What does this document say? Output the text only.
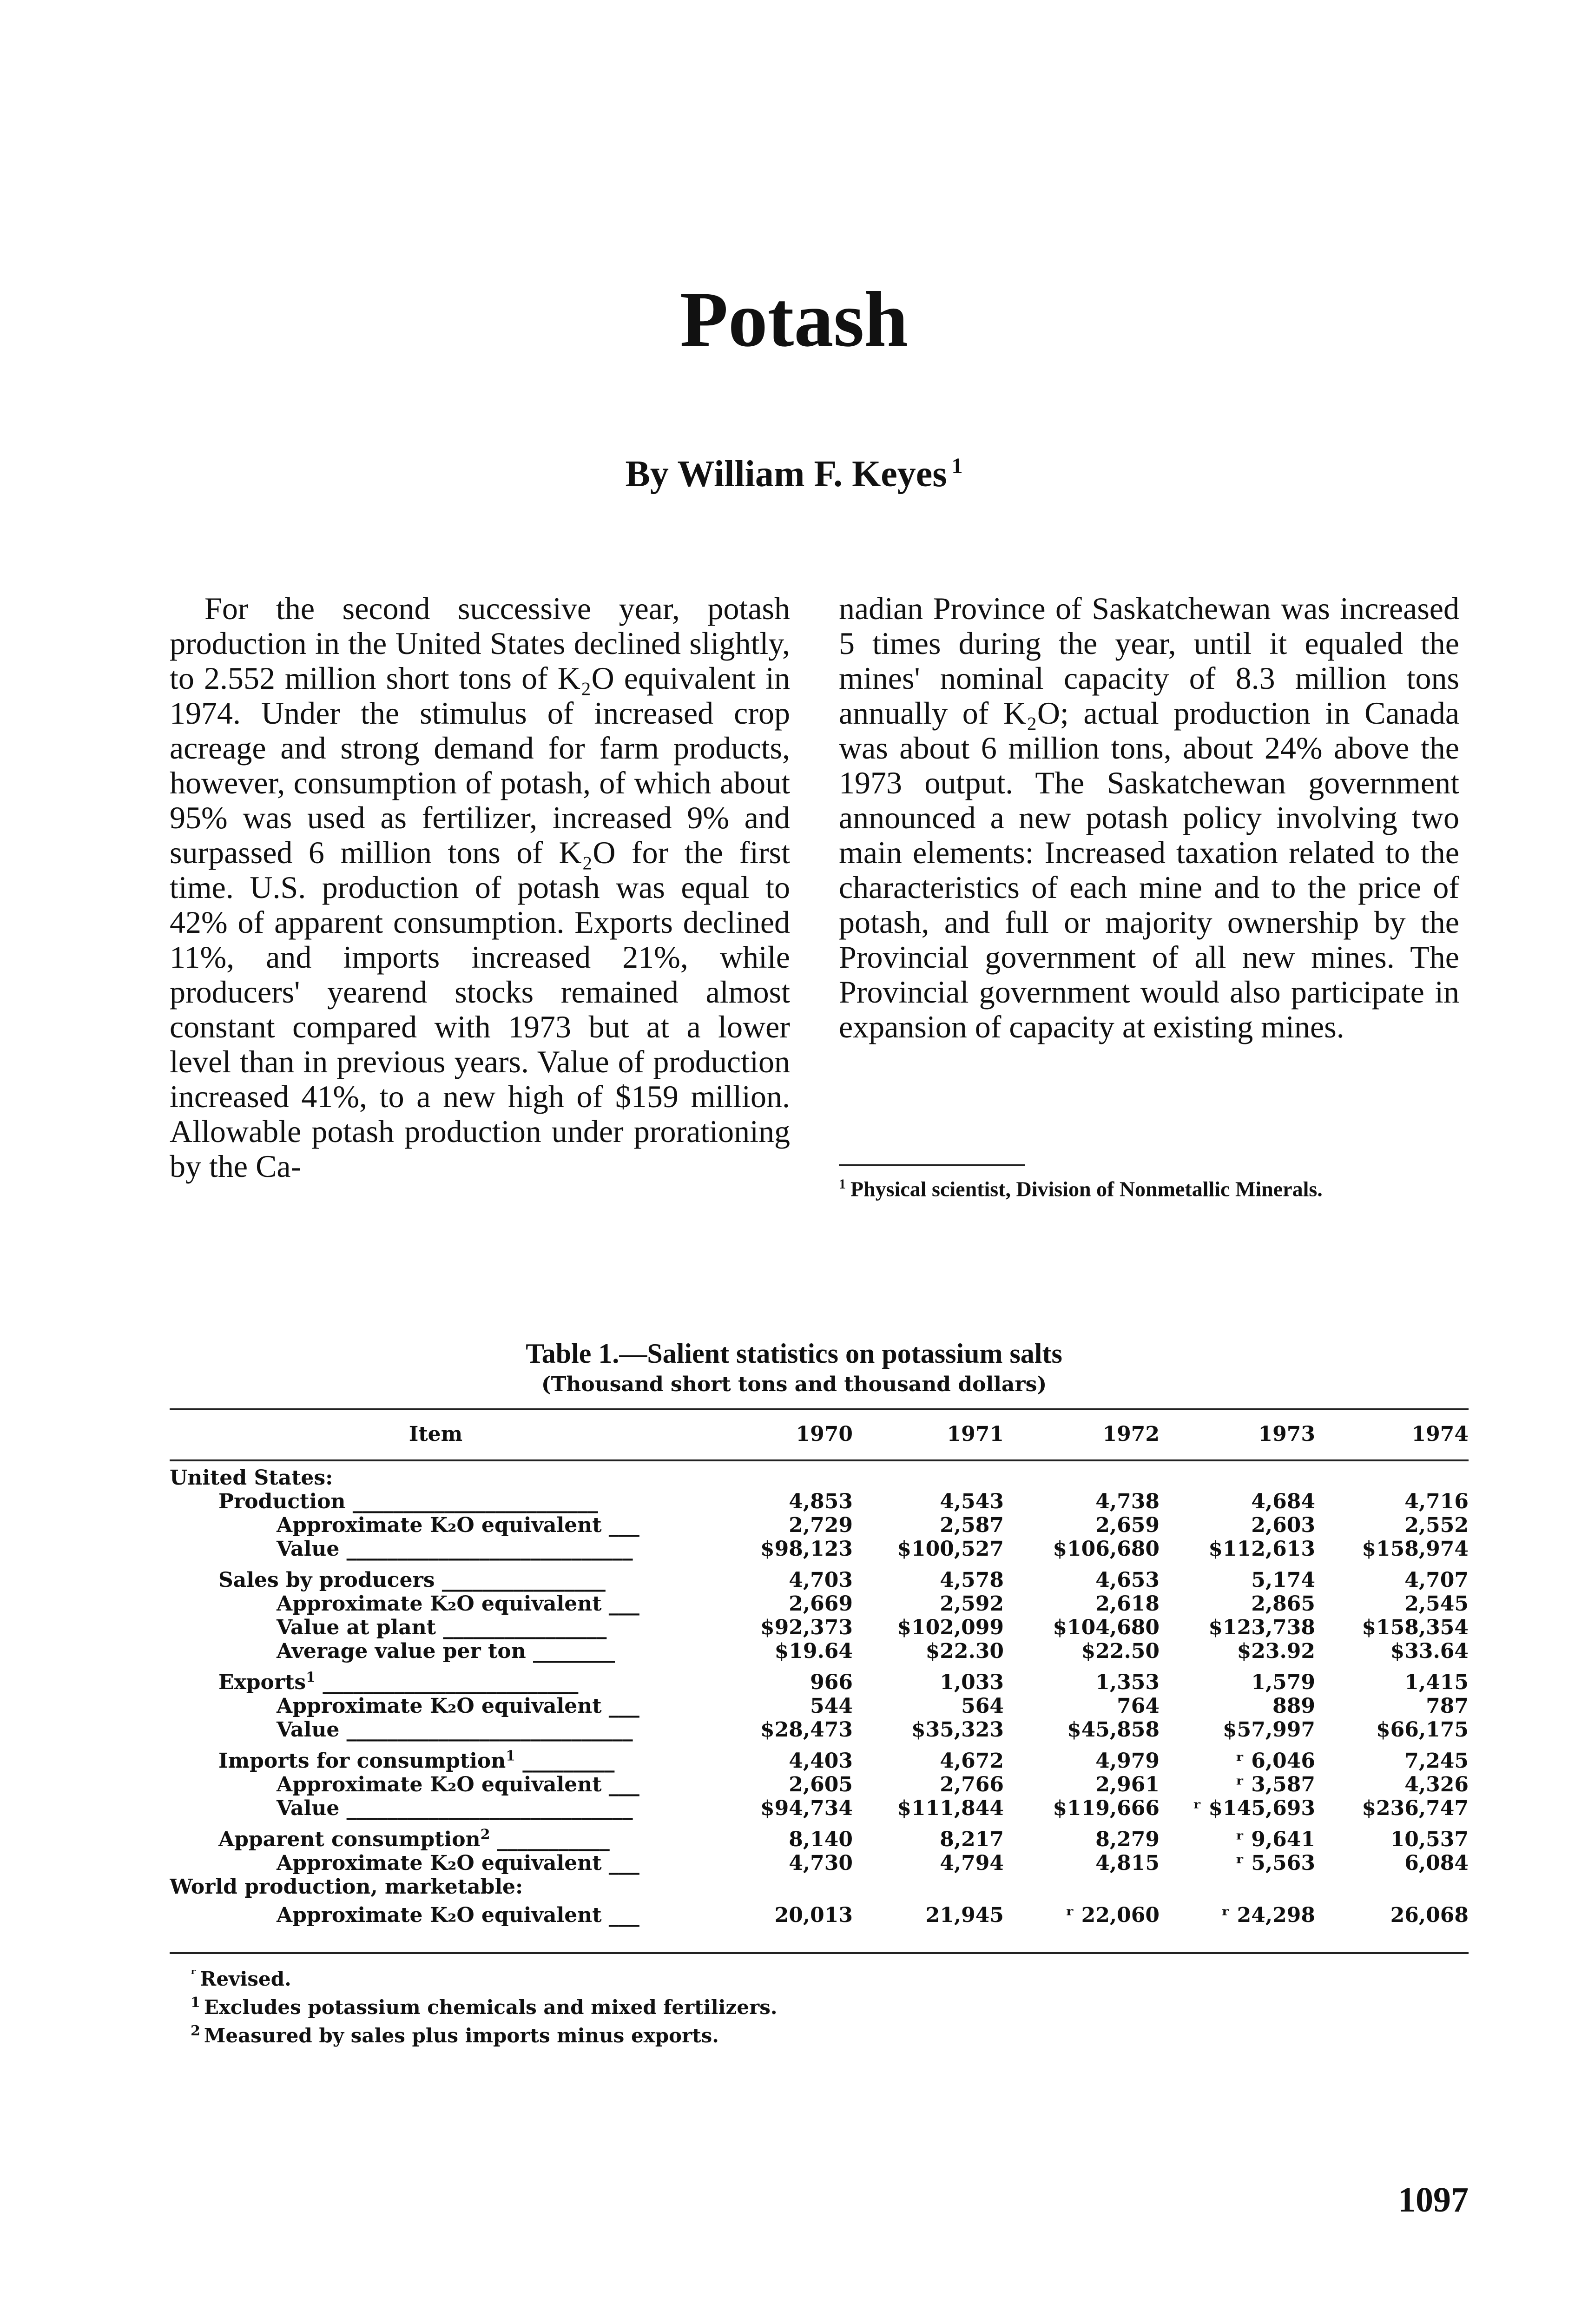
Potash

By William F. Keyes $^1$

For the second successive year, potash production in the United States declined slightly, to 2.552 million short tons of K₂O equivalent in 1974. Under the stimulus of increased crop acreage and strong demand for farm products, however, consumption of potash, of which about 95% was used as fertilizer, increased 9% and surpassed 6 million tons of K₂O for the first time. U.S. production of potash was equal to 42% of apparent consumption. Exports declined 11%, and imports increased 21%, while producers' yearend stocks remained almost constant compared with 1973 but at a lower level than in previous years. Value of production increased 41%, to a new high of $159 million. Allowable potash production under prorationing by the Ca-

nadian Province of Saskatchewan was increased 5 times during the year, until it equaled the mines' nominal capacity of 8.3 million tons annually of K₂O; actual production in Canada was about 6 million tons, about 24% above the 1973 output. The Saskatchewan government announced a new potash policy involving two main elements: Increased taxation related to the characteristics of each mine and to the price of potash, and full or majority ownership by the Provincial government of all new mines. The Provincial government would also participate in expansion of capacity at existing mines.

$^1$ Physical scientist, Division of Nonmetallic Minerals.

Table 1.—Salient statistics on potassium salts

(Thousand short tons and thousand dollars)

Item	1970	1971	1972	1973	1974
United States:					
Production ________________________	4,853	4,543	4,738	4,684	4,716
Approximate K₂O equivalent ___	2,729	2,587	2,659	2,603	2,552
Value ____________________________	$98,123	$100,527	$106,680	$112,613	$158,974
Sales by producers ________________	4,703	4,578	4,653	5,174	4,707
Approximate K₂O equivalent ___	2,669	2,592	2,618	2,865	2,545
Value at plant ________________	$92,373	$102,099	$104,680	$123,738	$158,354
Average value per ton ________	$19.64	$22.30	$22.50	$23.92	$33.64
Exports$^1$ _________________________	966	1,033	1,353	1,579	1,415
Approximate K₂O equivalent ___	544	564	764	889	787
Value ____________________________	$28,473	$35,323	$45,858	$57,997	$66,175
Imports for consumption$^1$ _________	4,403	4,672	4,979	ʳ 6,046	7,245
Approximate K₂O equivalent ___	2,605	2,766	2,961	ʳ 3,587	4,326
Value ____________________________	$94,734	$111,844	$119,666	ʳ $145,693	$236,747
Apparent consumption$^2$ ___________	8,140	8,217	8,279	ʳ 9,641	10,537
Approximate K₂O equivalent ___	4,730	4,794	4,815	ʳ 5,563	6,084
World production, marketable:					
Approximate K₂O equivalent ___	20,013	21,945	ʳ 22,060	ʳ 24,298	26,068
$^ʳ$ Revised.
$^1$ Excludes potassium chemicals and mixed fertilizers.
$^2$ Measured by sales plus imports minus exports.

1097
